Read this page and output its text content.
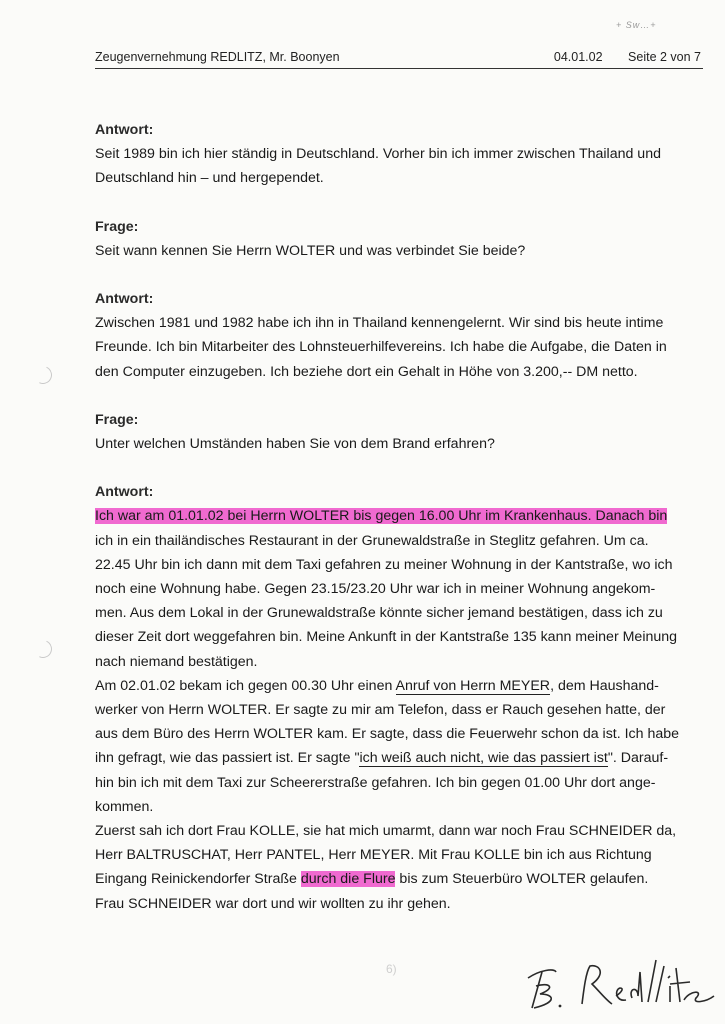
+ Sw…+
Zeugenvernehmung REDLITZ, Mr. Boonyen	04.01.02 Seite 2 von 7
Antwort:
Seit 1989 bin ich hier ständig in Deutschland. Vorher bin ich immer zwischen Thailand und
Deutschland hin – und hergependet.
Frage:
Seit wann kennen Sie Herrn WOLTER und was verbindet Sie beide?
Antwort:
Zwischen 1981 und 1982 habe ich ihn in Thailand kennengelernt. Wir sind bis heute intime
Freunde. Ich bin Mitarbeiter des Lohnsteuerhilfevereins. Ich habe die Aufgabe, die Daten in
den Computer einzugeben. Ich beziehe dort ein Gehalt in Höhe von 3.200,-- DM netto.
Frage:
Unter welchen Umständen haben Sie von dem Brand erfahren?
Antwort:
Ich war am 01.01.02 bei Herrn WOLTER bis gegen 16.00 Uhr im Krankenhaus. Danach bin
ich in ein thailändisches Restaurant in der Grunewaldstraße in Steglitz gefahren. Um ca.
22.45 Uhr bin ich dann mit dem Taxi gefahren zu meiner Wohnung in der Kantstraße, wo ich
noch eine Wohnung habe. Gegen 23.15/23.20 Uhr war ich in meiner Wohnung angekom-
men. Aus dem Lokal in der Grunewaldstraße könnte sicher jemand bestätigen, dass ich zu
dieser Zeit dort weggefahren bin. Meine Ankunft in der Kantstraße 135 kann meiner Meinung
nach niemand bestätigen.
Am 02.01.02 bekam ich gegen 00.30 Uhr einen Anruf von Herrn MEYER, dem Haushand-
werker von Herrn WOLTER. Er sagte zu mir am Telefon, dass er Rauch gesehen hatte, der
aus dem Büro des Herrn WOLTER kam. Er sagte, dass die Feuerwehr schon da ist. Ich habe
ihn gefragt, wie das passiert ist. Er sagte "ich weiß auch nicht, wie das passiert ist". Darauf-
hin bin ich mit dem Taxi zur Scheererstraße gefahren. Ich bin gegen 01.00 Uhr dort ange-
kommen.
Zuerst sah ich dort Frau KOLLE, sie hat mich umarmt, dann war noch Frau SCHNEIDER da,
Herr BALTRUSCHAT, Herr PANTEL, Herr MEYER. Mit Frau KOLLE bin ich aus Richtung
Eingang Reinickendorfer Straße durch die Flure bis zum Steuerbüro WOLTER gelaufen.
Frau SCHNEIDER war dort und wir wollten zu ihr gehen.
6)
